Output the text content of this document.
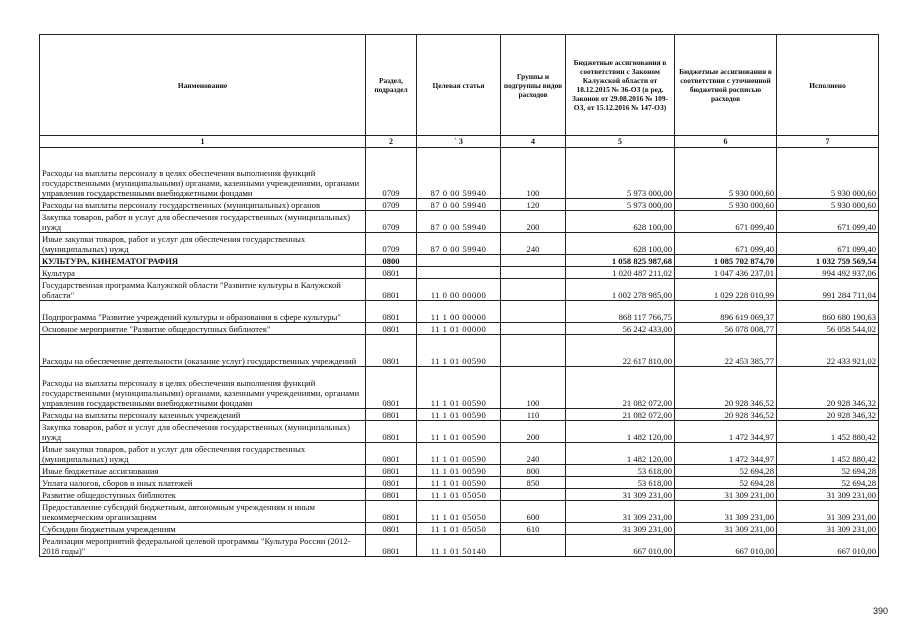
Наименование	Раздел, подраздел	Целевая статья	Группы и подгруппы видов расходов	Бюджетные ассигнования в соответствии с Законом Калужской области от 18.12.2015 № 36-ОЗ (в ред. Законов от 29.08.2016 № 109-ОЗ, от 15.12.2016 № 147-ОЗ)	Бюджетные ассигнования в соответствии с уточненной бюджетной росписью расходов	Исполнено
1	2	` 3	4	5	6	7
Расходы на выплаты персоналу в целях обеспечения выполнения функций государственными (муниципальными) органами, казенными учреждениями, органами управления государственными внебюджетными фондами	0709	87 0 00 59940	100	5 973 000,00	5 930 000,60	5 930 000,60
Расходы на выплаты персоналу государственных (муниципальных) органов	0709	87 0 00 59940	120	5 973 000,00	5 930 000,60	5 930 000,60
Закупка товаров, работ и услуг для обеспечения государственных (муниципальных) нужд	0709	87 0 00 59940	200	628 100,00	671 099,40	671 099,40
Иные закупки товаров, работ и услуг для обеспечения государственных (муниципальных) нужд	0709	87 0 00 59940	240	628 100,00	671 099,40	671 099,40
КУЛЬТУРА, КИНЕМАТОГРАФИЯ	0800			1 058 825 987,68	1 085 702 874,70	1 032 759 569,54
Культура	0801			1 020 487 211,02	1 047 436 237,01	994 492 937,06
Государственная программа Калужской области "Развитие культуры в Калужской области"	0801	11 0 00 00000		1 002 278 985,00	1 029 228 010,99	991 284 711,04
Подпрограмма "Развитие учреждений культуры и образования в сфере культуры"	0801	11 1 00 00000		868 117 766,75	896 619 069,37	860 680 190,63
Основное мероприятие "Развитие общедоступных библиотек"	0801	11 1 01 00000		56 242 433,00	56 078 008,77	56 058 544,02
Расходы на обеспечение деятельности (оказание услуг) государственных учреждений	0801	11 1 01 00590		22 617 810,00	22 453 385,77	22 433 921,02
Расходы на выплаты персоналу в целях обеспечения выполнения функций государственными (муниципальными) органами, казенными учреждениями, органами управления государственными внебюджетными фондами	0801	11 1 01 00590	100	21 082 072,00	20 928 346,52	20 928 346,32
Расходы на выплаты персоналу казенных учреждений	0801	11 1 01 00590	110	21 082 072,00	20 928 346,52	20 928 346,32
Закупка товаров, работ и услуг для обеспечения государственных (муниципальных) нужд	0801	11 1 01 00590	200	1 482 120,00	1 472 344,97	1 452 880,42
Иные закупки товаров, работ и услуг для обеспечения государственных (муниципальных) нужд	0801	11 1 01 00590	240	1 482 120,00	1 472 344,97	1 452 880,42
Иные бюджетные ассигнования	0801	11 1 01 00590	800	53 618,00	52 694,28	52 694,28
Уплата налогов, сборов и иных платежей	0801	11 1 01 00590	850	53 618,00	52 694,28	52 694,28
Развитие общедоступных библиотек	0801	11 1 01 05050		31 309 231,00	31 309 231,00	31 309 231,00
Предоставление субсидий бюджетным, автономным учреждениям и иным некоммерческим организациям	0801	11 1 01 05050	600	31 309 231,00	31 309 231,00	31 309 231,00
Субсидии бюджетным учреждениям	0801	11 1 01 05050	610	31 309 231,00	31 309 231,00	31 309 231,00
Реализация мероприятий федеральной целевой программы "Культура России (2012-2018 годы)"	0801	11 1 01 50140		667 010,00	667 010,00	667 010,00
390
